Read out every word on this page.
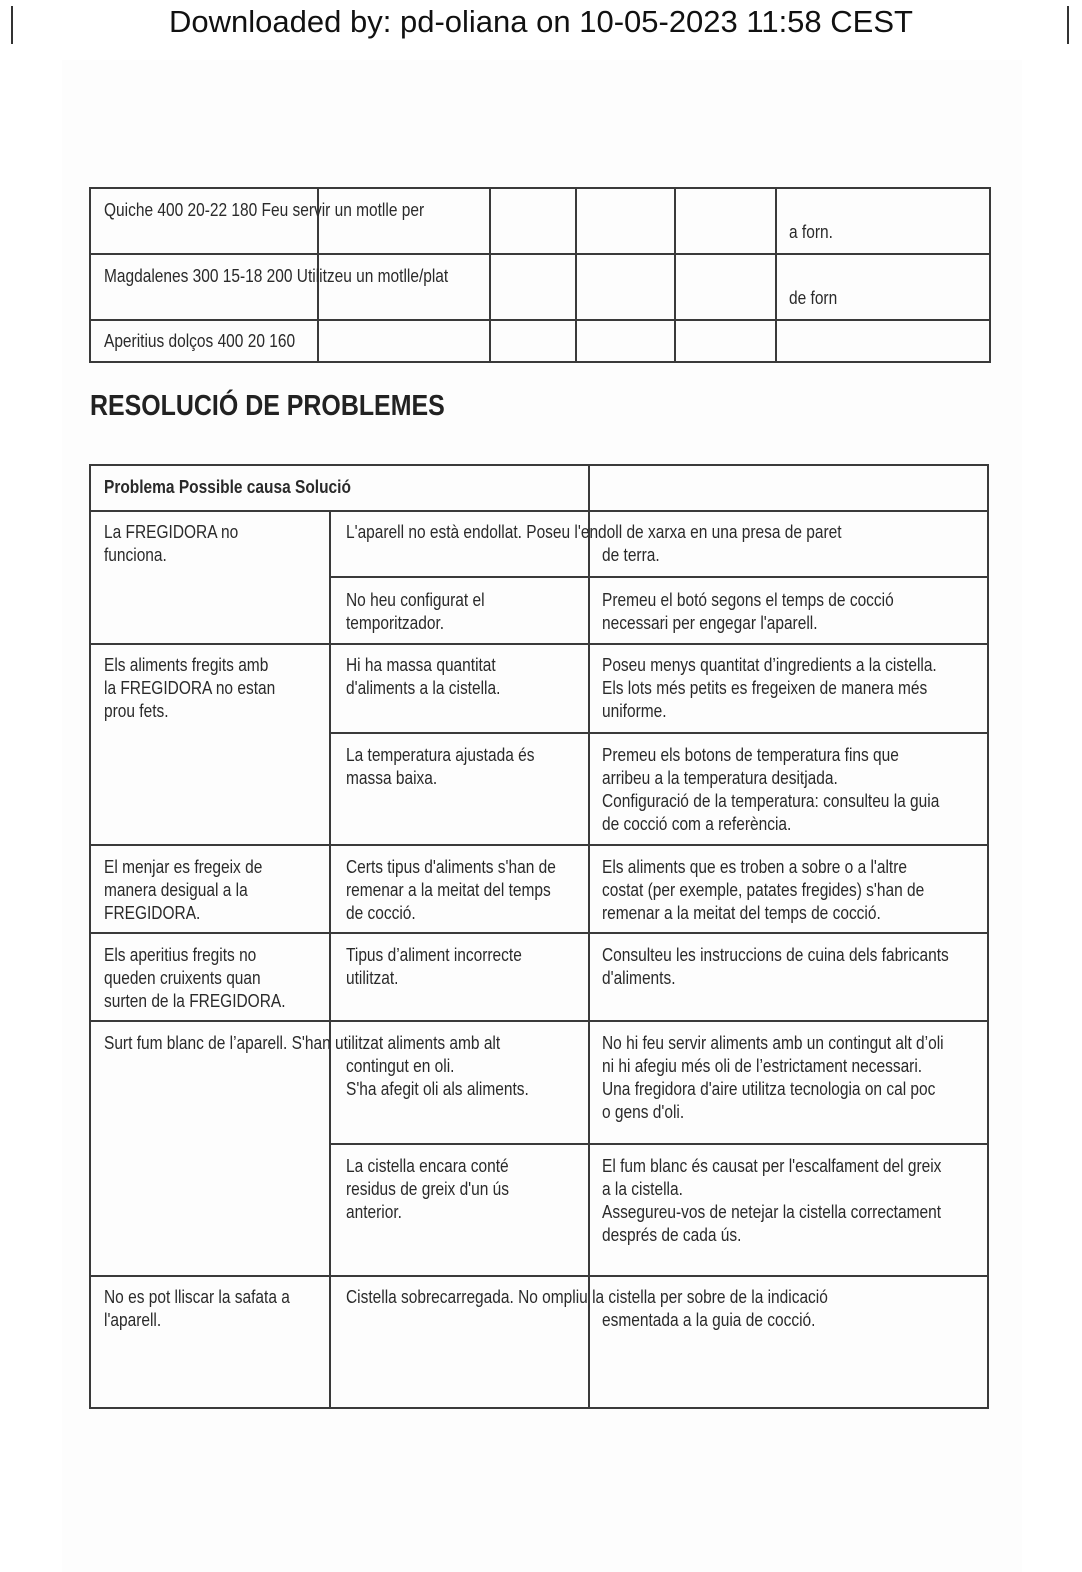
Downloaded by: pd-oliana on 10-05-2023 11:58 CEST
Quiche 400 20-22 180 Feu servir un motlle per
a forn.
Magdalenes 300 15-18 200 Utilitzeu un motlle/plat
de forn
Aperitius dolços 400 20 160
RESOLUCIÓ DE PROBLEMES
Problema Possible causa Solució
La FREGIDORA no
funciona.
L'aparell no està endollat. Poseu l'endoll de xarxa en una presa de paret
de terra.
No heu configurat el
temporitzador.
Premeu el botó segons el temps de cocció
necessari per engegar l'aparell.
Els aliments fregits amb
la FREGIDORA no estan
prou fets.
Hi ha massa quantitat
d'aliments a la cistella.
Poseu menys quantitat d’ingredients a la cistella.
Els lots més petits es fregeixen de manera més
uniforme.
La temperatura ajustada és
massa baixa.
Premeu els botons de temperatura fins que
arribeu a la temperatura desitjada.
Configuració de la temperatura: consulteu la guia
de cocció com a referència.
El menjar es fregeix de
manera desigual a la
FREGIDORA.
Certs tipus d'aliments s'han de
remenar a la meitat del temps
de cocció.
Els aliments que es troben a sobre o a l'altre
costat (per exemple, patates fregides) s'han de
remenar a la meitat del temps de cocció.
Els aperitius fregits no
queden cruixents quan
surten de la FREGIDORA.
Tipus d’aliment incorrecte
utilitzat.
Consulteu les instruccions de cuina dels fabricants
d'aliments.
Surt fum blanc de l’aparell. S'han utilitzat aliments amb alt
contingut en oli.
S'ha afegit oli als aliments.
No hi feu servir aliments amb un contingut alt d’oli
ni hi afegiu més oli de l’estrictament necessari.
Una fregidora d'aire utilitza tecnologia on cal poc
o gens d'oli.
La cistella encara conté
residus de greix d'un ús
anterior.
El fum blanc és causat per l'escalfament del greix
a la cistella.
Assegureu-vos de netejar la cistella correctament
després de cada ús.
No es pot lliscar la safata a
l'aparell.
Cistella sobrecarregada. No ompliu la cistella per sobre de la indicació
esmentada a la guia de cocció.
